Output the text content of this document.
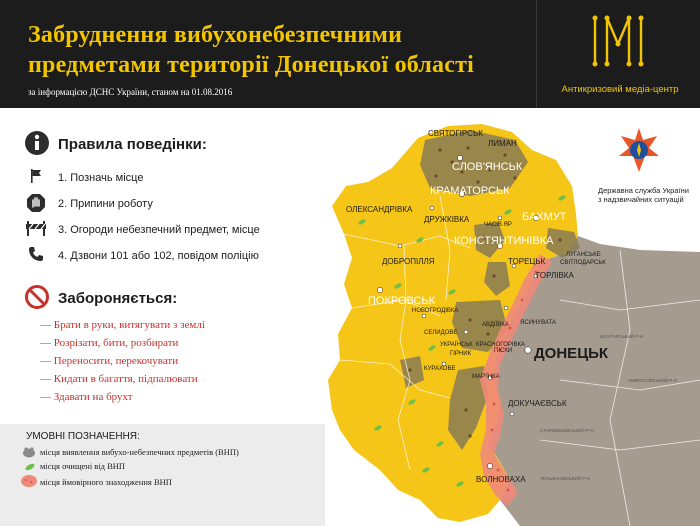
Забруднення вибухонебезпечними
предметами території Донецької області
за інформацією ДСНС України, станом на 01.08.2016	Антикризовий медіа-центр
СВЯТОГІРСЬК
ЛИМАН
СЛОВ'ЯНСЬК
КРАМАТОРСЬК
ОЛЕКСАНДРІВКА
ДРУЖКІВКА
ЧАСІВ ЯР
БАХМУТ
КОНСТЯНТИНІВКА
ЛУГАНСЬКЕ
СВІТЛОДАРСЬК
ДОБРОПІЛЛЯ	ТОРЕЦЬК
ГОРЛІВКА
ПОКРОВСЬК
НОВОГРОДІВКА
ЯСИНУВАТА
СЕЛИДОВЕ
АВДІЇВКА
УКРАЇНСЬК
ГІРНИК
КРАСНОГОРІВКА
ПІСКИ
КУРАХОВЕ
МАР'ЇНКА
ДОНЕЦЬК
ДОКУЧАЄВСЬК
ВОЛНОВАХА
ШАХТАРСЬКИЙ Р-Н
АМВРОСІЇВСЬКИЙ Р-Н
СТАРОБЕШІВСЬКИЙ Р-Н
ТЕЛЬМАНІВСЬКИЙ Р-Н
Державна служба України
з надзвичайних ситуацій
Правила поведінки:
1. Позначь місце
2. Припини роботу
3. Огороди небезпечний предмет, місце
4. Дзвони 101 або 102, повідом поліцію
Забороняється:
— Брати в руки, витягувати з землі
— Розрізати, бити, розбирати
— Переносити, перекочувати
— Кидати в багаття, підпалювати
— Здавати на брухт
УМОВНІ ПОЗНАЧЕННЯ:
місця виявлення вибухо-небезпечних предметів (ВНП)
місця очищені від ВНП
місця ймовірного знаходження ВНП
